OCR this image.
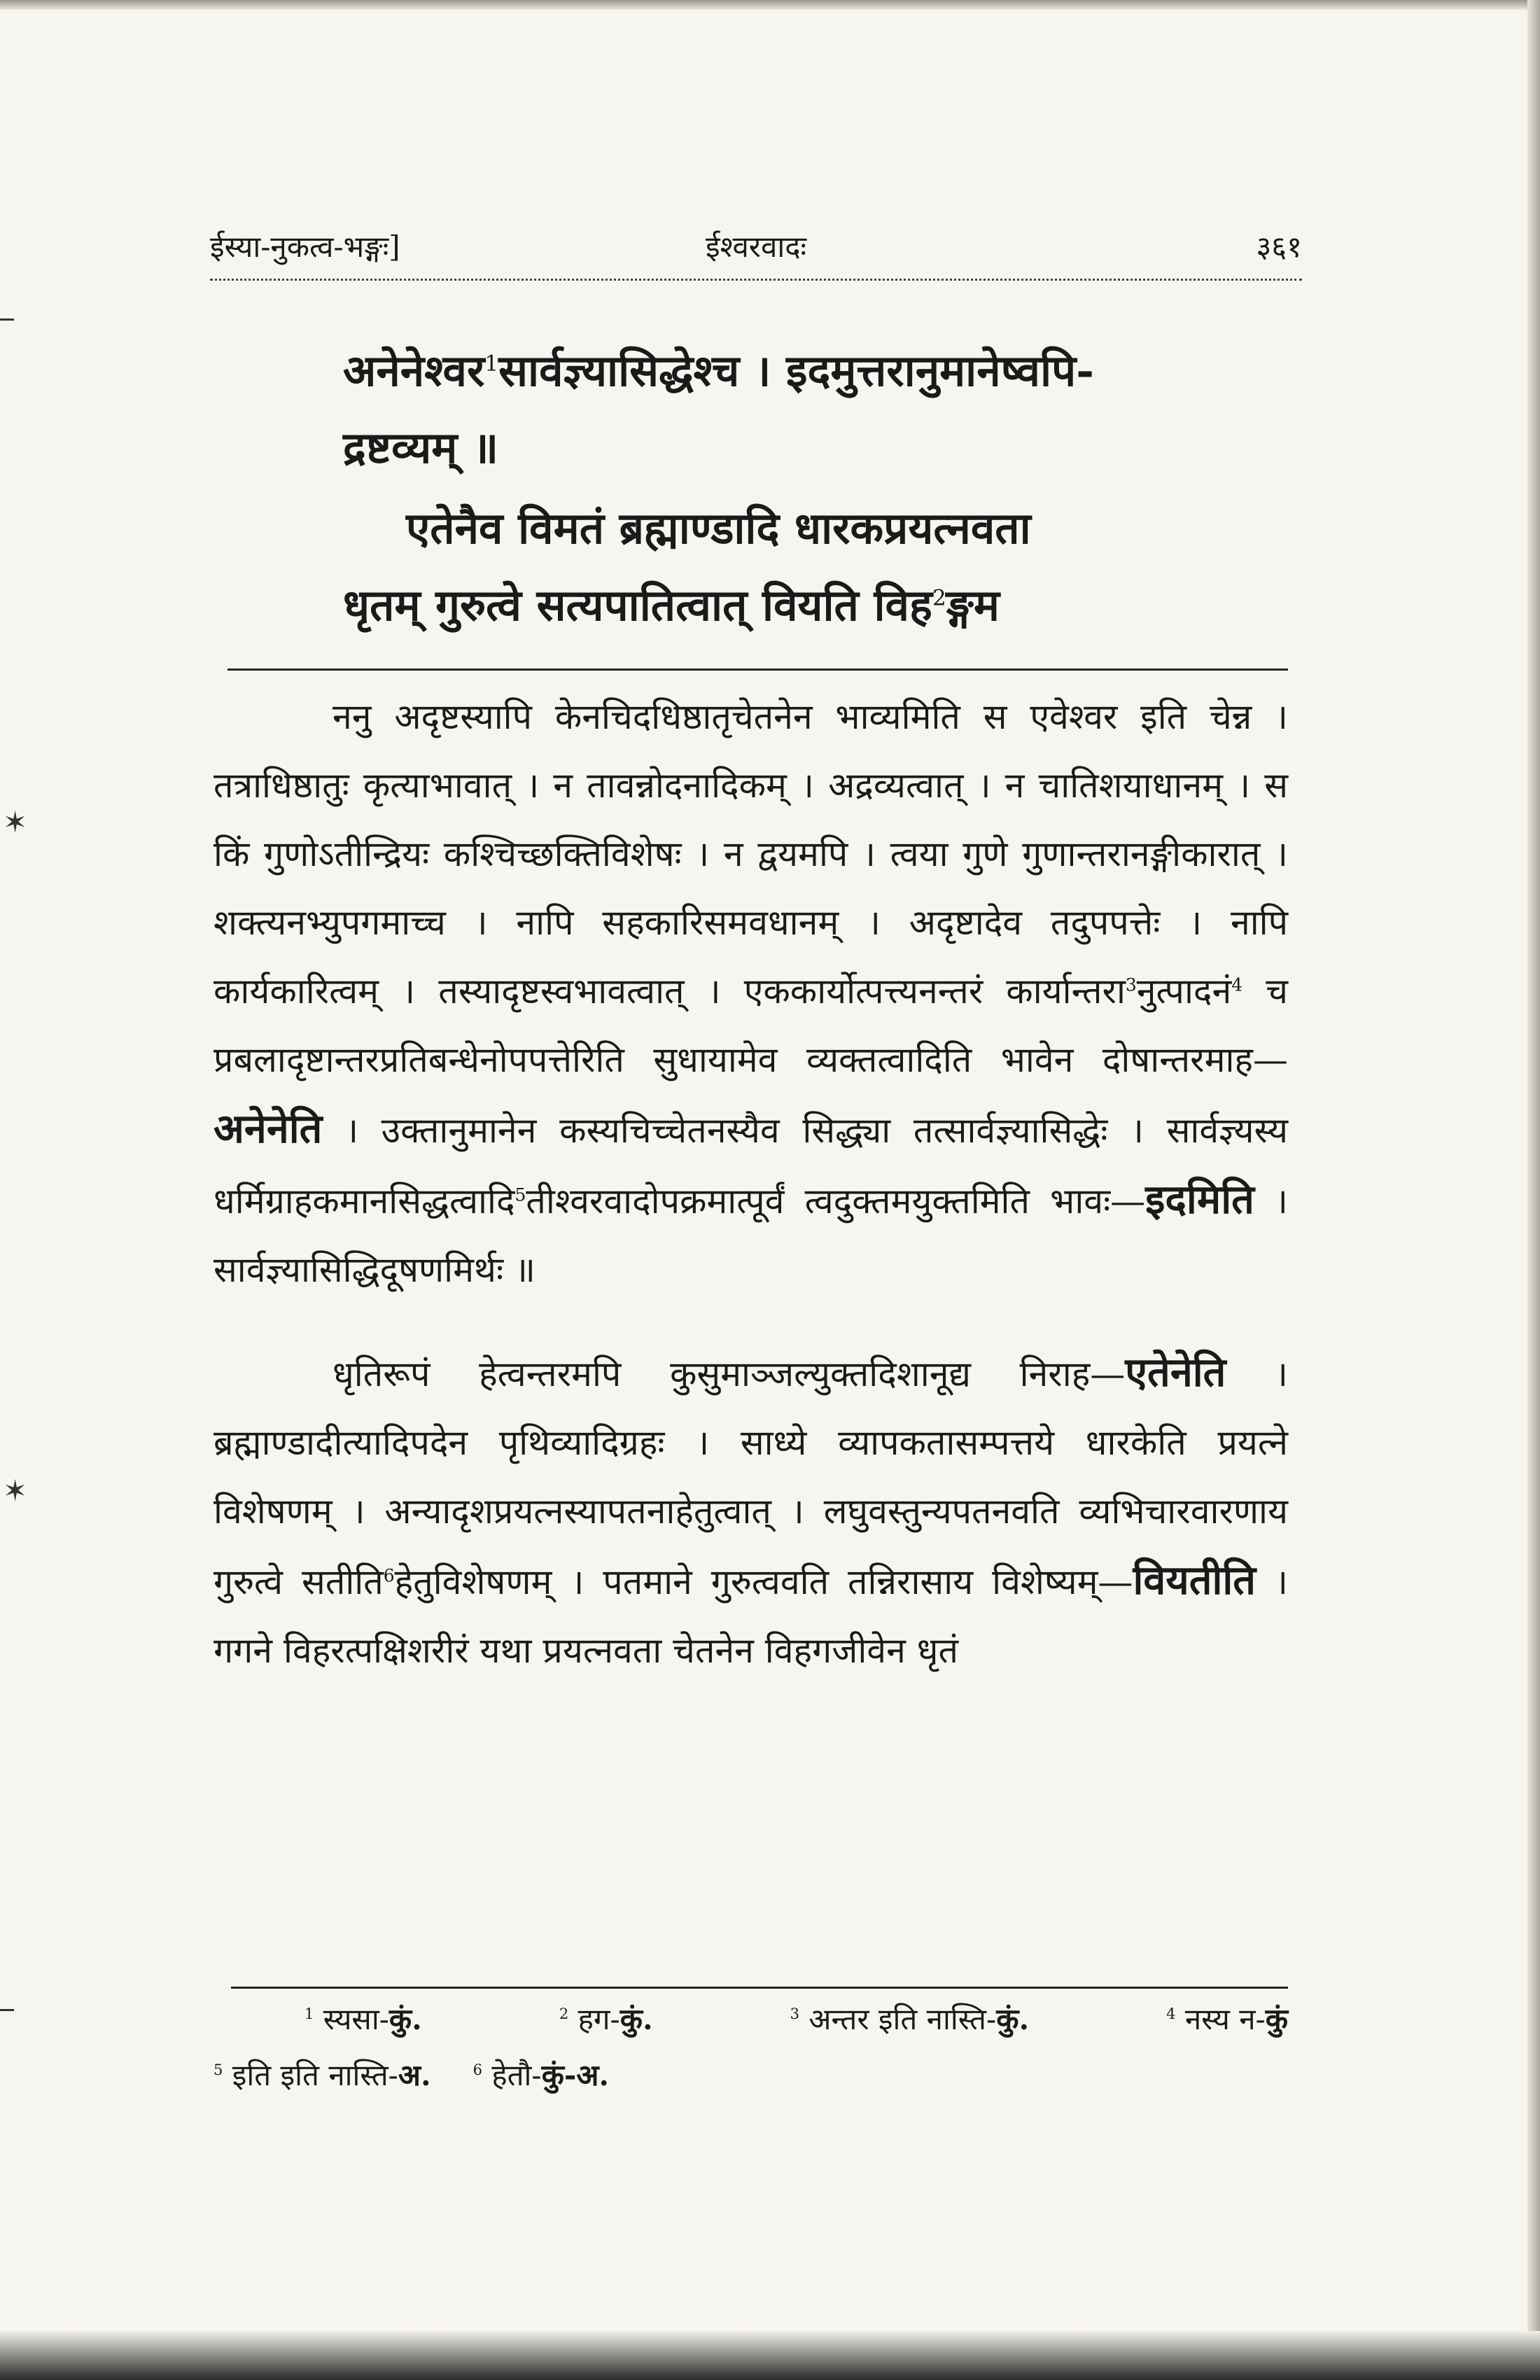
✶
✶
ईस्या-नुकत्व-भङ्गः]	ईश्वरवादः	३६१

अनेनेश्वर$^1$सार्वज्ञ्यासिद्धेश्च । इदमुत्तरानुमानेष्वपि-

द्रष्टव्यम् ॥

एतेनैव विमतं ब्रह्माण्डादि धारकप्रयत्नवता

धृतम् गुरुत्वे सत्यपातित्वात् वियति विह$^2$ङ्गम

ननु अदृष्टस्यापि केनचिदधिष्ठातृचेतनेन भाव्यमिति स एवेश्वर इति चेन्न । तत्राधिष्ठातुः कृत्याभावात् । न तावन्नोदनादिकम् । अद्रव्यत्वात् । न चातिशयाधानम् । स किं गुणोऽतीन्द्रियः कश्चिच्छक्तिविशेषः । न द्वयमपि । त्वया गुणे गुणान्तरानङ्गीकारात् । शक्त्यनभ्युपगमाच्च । नापि सहकारिसमवधानम् । अदृष्टादेव तदुपपत्तेः । नापि कार्यकारित्वम् । तस्यादृष्टस्वभावत्वात् । एककार्योत्पत्त्यनन्तरं कार्यान्तरा$^3$नुत्पादनं$^4$ च प्रबलादृष्टान्तरप्रतिबन्धेनोपपत्तेरिति सुधायामेव व्यक्तत्वादिति भावेन दोषान्तरमाह—अनेनेति । उक्तानुमानेन कस्यचिच्चेतनस्यैव सिद्ध्या तत्सार्वज्ञ्यासिद्धेः । सार्वज्ञ्यस्य धर्मिग्राहकमानसिद्धत्वादि$^5$तीश्वरवादोपक्रमात्पूर्वं त्वदुक्तमयुक्तमिति भावः—इदमिति । सार्वज्ञ्यासिद्धिदूषणमिर्थः ॥

धृतिरूपं हेत्वन्तरमपि कुसुमाञ्जल्युक्तदिशानूद्य निराह—एतेनेति । ब्रह्माण्डादीत्यादिपदेन पृथिव्यादिग्रहः । साध्ये व्यापकतासम्पत्तये धारकेति प्रयत्ने विशेषणम् । अन्यादृशप्रयत्नस्यापतनाहेतुत्वात् । लघुवस्तुन्यपतनवति व्यभिचारवारणाय गुरुत्वे सतीति$^6$हेतुविशेषणम् । पतमाने गुरुत्ववति तन्निरासाय विशेष्यम्—वियतीति । गगने विहरत्पक्षिशरीरं यथा प्रयत्नवता चेतनेन विहगजीवेन धृतं

$^1$ स्यसा-कुं.	$^2$ हग-कुं.	$^3$ अन्तर इति नास्ति-कुं.	$^4$ नस्य न-कुं
$^5$ इति इति नास्ति-अ.	$^6$ हेतौ-कुं-अ.
